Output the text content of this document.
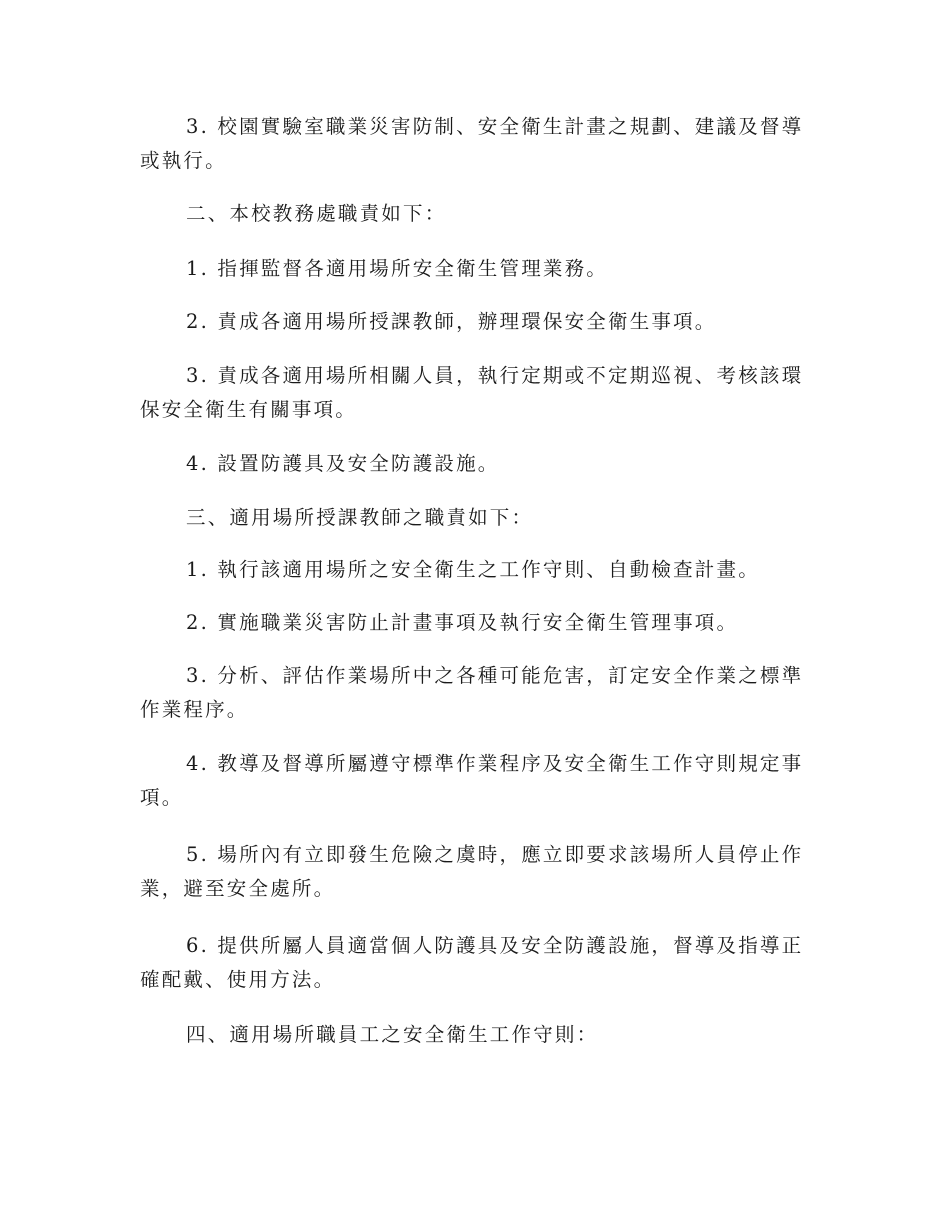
3. 校園實驗室職業災害防制、安全衛生計畫之規劃、建議及督導
或執行。

二、本校教務處職責如下：

1. 指揮監督各適用場所安全衛生管理業務。

2. 責成各適用場所授課教師，辦理環保安全衛生事項。

3. 責成各適用場所相關人員，執行定期或不定期巡視、考核該環
保安全衛生有關事項。

4. 設置防護具及安全防護設施。

三、適用場所授課教師之職責如下：

1. 執行該適用場所之安全衛生之工作守則、自動檢查計畫。

2. 實施職業災害防止計畫事項及執行安全衛生管理事項。

3. 分析、評估作業場所中之各種可能危害，訂定安全作業之標準
作業程序。

4. 教導及督導所屬遵守標準作業程序及安全衛生工作守則規定事
項。

5. 場所內有立即發生危險之虞時，應立即要求該場所人員停止作
業，避至安全處所。

6. 提供所屬人員適當個人防護具及安全防護設施，督導及指導正
確配戴、使用方法。

四、適用場所職員工之安全衛生工作守則：
